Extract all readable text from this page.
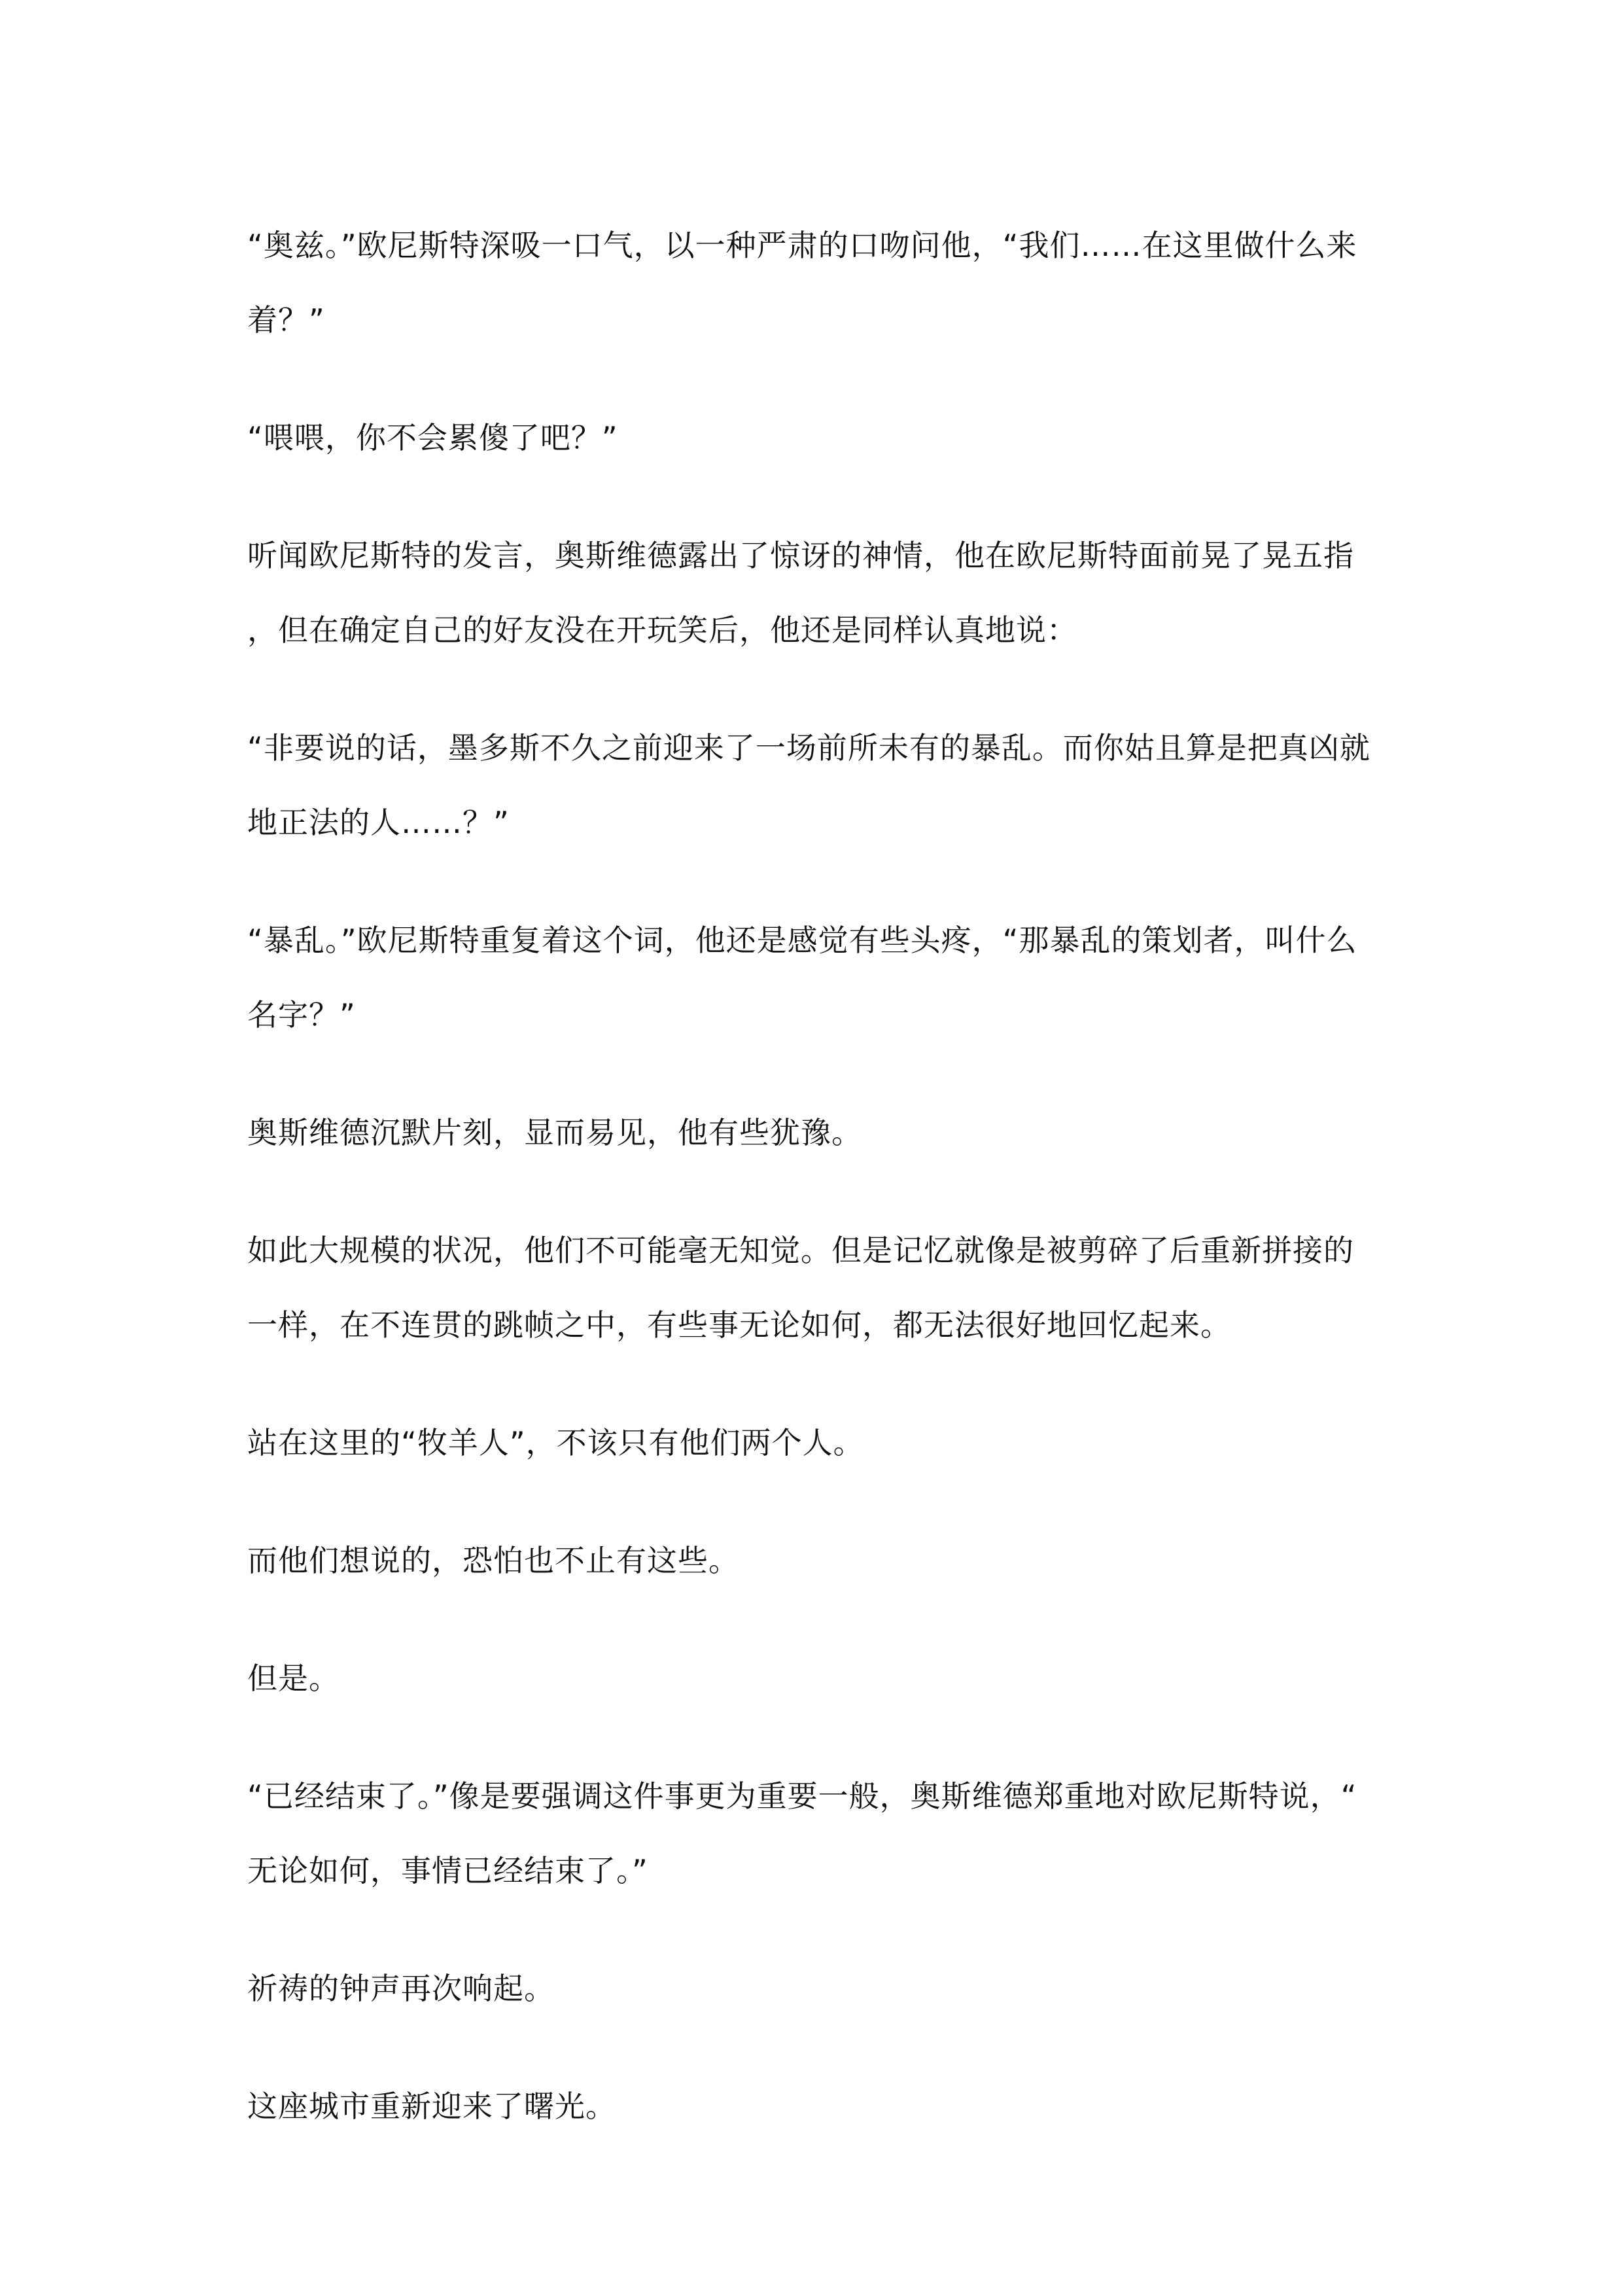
“奥兹。”欧尼斯特深吸一口气，以一种严肃的口吻问他，“我们……在这里做什么来着？”

“喂喂，你不会累傻了吧？”

听闻欧尼斯特的发言，奥斯维德露出了惊讶的神情，他在欧尼斯特面前晃了晃五指，但在确定自己的好友没在开玩笑后，他还是同样认真地说：

“非要说的话，墨多斯不久之前迎来了一场前所未有的暴乱。而你姑且算是把真凶就地正法的人……？”

“暴乱。”欧尼斯特重复着这个词，他还是感觉有些头疼，“那暴乱的策划者，叫什么名字？”

奥斯维德沉默片刻，显而易见，他有些犹豫。

如此大规模的状况，他们不可能毫无知觉。但是记忆就像是被剪碎了后重新拼接的一样，在不连贯的跳帧之中，有些事无论如何，都无法很好地回忆起来。

站在这里的“牧羊人”，不该只有他们两个人。

而他们想说的，恐怕也不止有这些。

但是。

“已经结束了。”像是要强调这件事更为重要一般，奥斯维德郑重地对欧尼斯特说，“无论如何，事情已经结束了。”

祈祷的钟声再次响起。

这座城市重新迎来了曙光。
